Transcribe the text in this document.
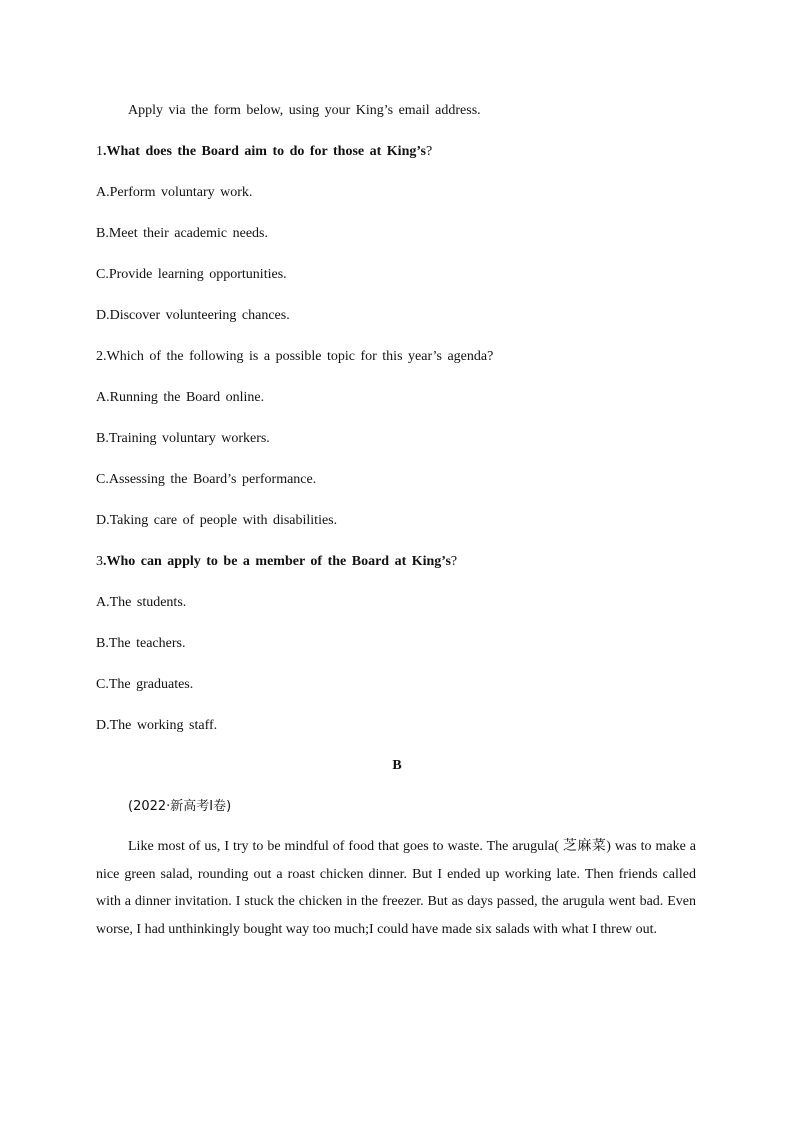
Apply via the form below, using your King’s email address.
1.What does the Board aim to do for those at King’s?
A.Perform voluntary work.
B.Meet their academic needs.
C.Provide learning opportunities.
D.Discover volunteering chances.
2.Which of the following is a possible topic for this year’s agenda?
A.Running the Board online.
B.Training voluntary workers.
C.Assessing the Board’s performance.
D.Taking care of people with disabilities.
3.Who can apply to be a member of the Board at King’s?
A.The students.
B.The teachers.
C.The graduates.
D.The working staff.
B
(2022·新高考Ⅰ卷)
Like most of us, I try to be mindful of food that goes to waste. The arugula( 芝麻菜) was to make a nice green salad, rounding out a roast chicken dinner. But I ended up working late. Then friends called with a dinner invitation. I stuck the chicken in the freezer. But as days passed, the arugula went bad. Even worse, I had unthinkingly bought way too much;I could have made six salads with what I threw out.
